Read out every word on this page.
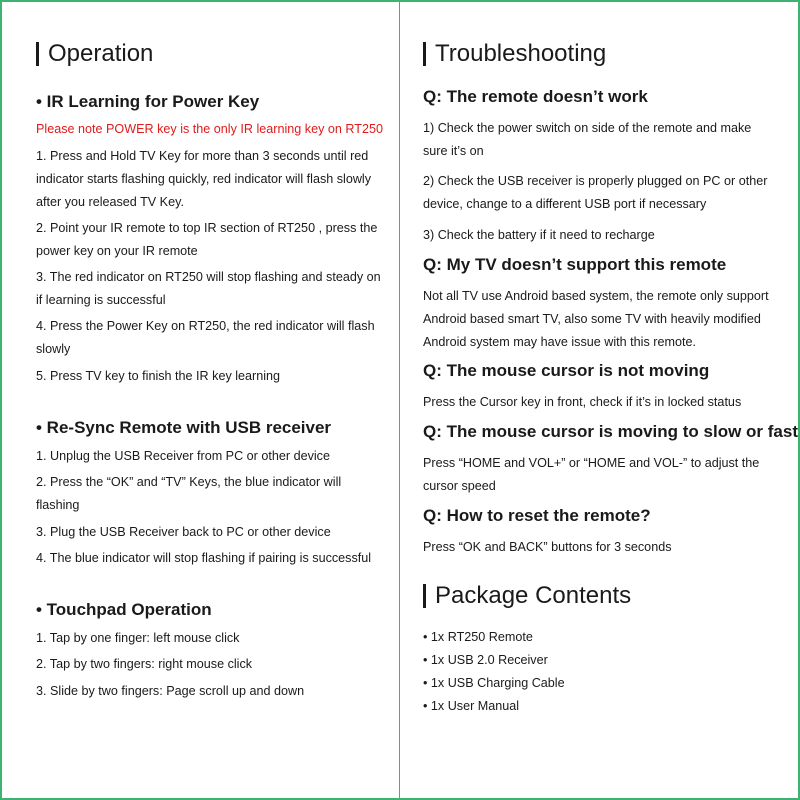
Operation
• IR Learning for Power Key
Please note POWER key is the only IR learning key on RT250
1. Press and Hold TV Key for more than 3 seconds until red indicator starts flashing quickly, red indicator will flash slowly after you released TV Key.
2. Point your IR remote to top IR section of RT250 , press the power key on your IR remote
3. The red indicator on RT250 will stop flashing and steady on if learning is successful
4. Press the Power Key on RT250, the red indicator will flash slowly
5. Press TV key to finish the IR key learning
• Re-Sync Remote with USB receiver
1. Unplug the USB Receiver from PC or other device
2. Press the “OK” and “TV” Keys, the blue indicator will flashing
3. Plug the USB Receiver back to PC or other device
4. The blue indicator will stop flashing if pairing is successful
• Touchpad Operation
1. Tap by one finger: left mouse click
2. Tap by two fingers: right mouse click
3. Slide by two fingers: Page scroll up and down
Troubleshooting
Q: The remote doesn’t work
1) Check the power switch on side of the remote and make sure it’s on
2) Check the USB receiver is properly plugged on PC or other device, change to a different USB port if necessary
3) Check the battery if it need to recharge
Q: My TV doesn’t support this remote
Not all TV use Android based system, the remote only support Android based smart TV, also some TV with heavily modified Android system may have issue with this remote.
Q: The mouse cursor is not moving
Press the Cursor key in front, check if it’s in locked status
Q: The mouse cursor is moving to slow or fast
Press “HOME and VOL+” or “HOME and VOL-” to adjust the cursor speed
Q: How to reset the remote?
Press “OK and BACK” buttons for 3 seconds
Package Contents
• 1x RT250 Remote
• 1x USB 2.0 Receiver
• 1x USB Charging Cable
• 1x User Manual
